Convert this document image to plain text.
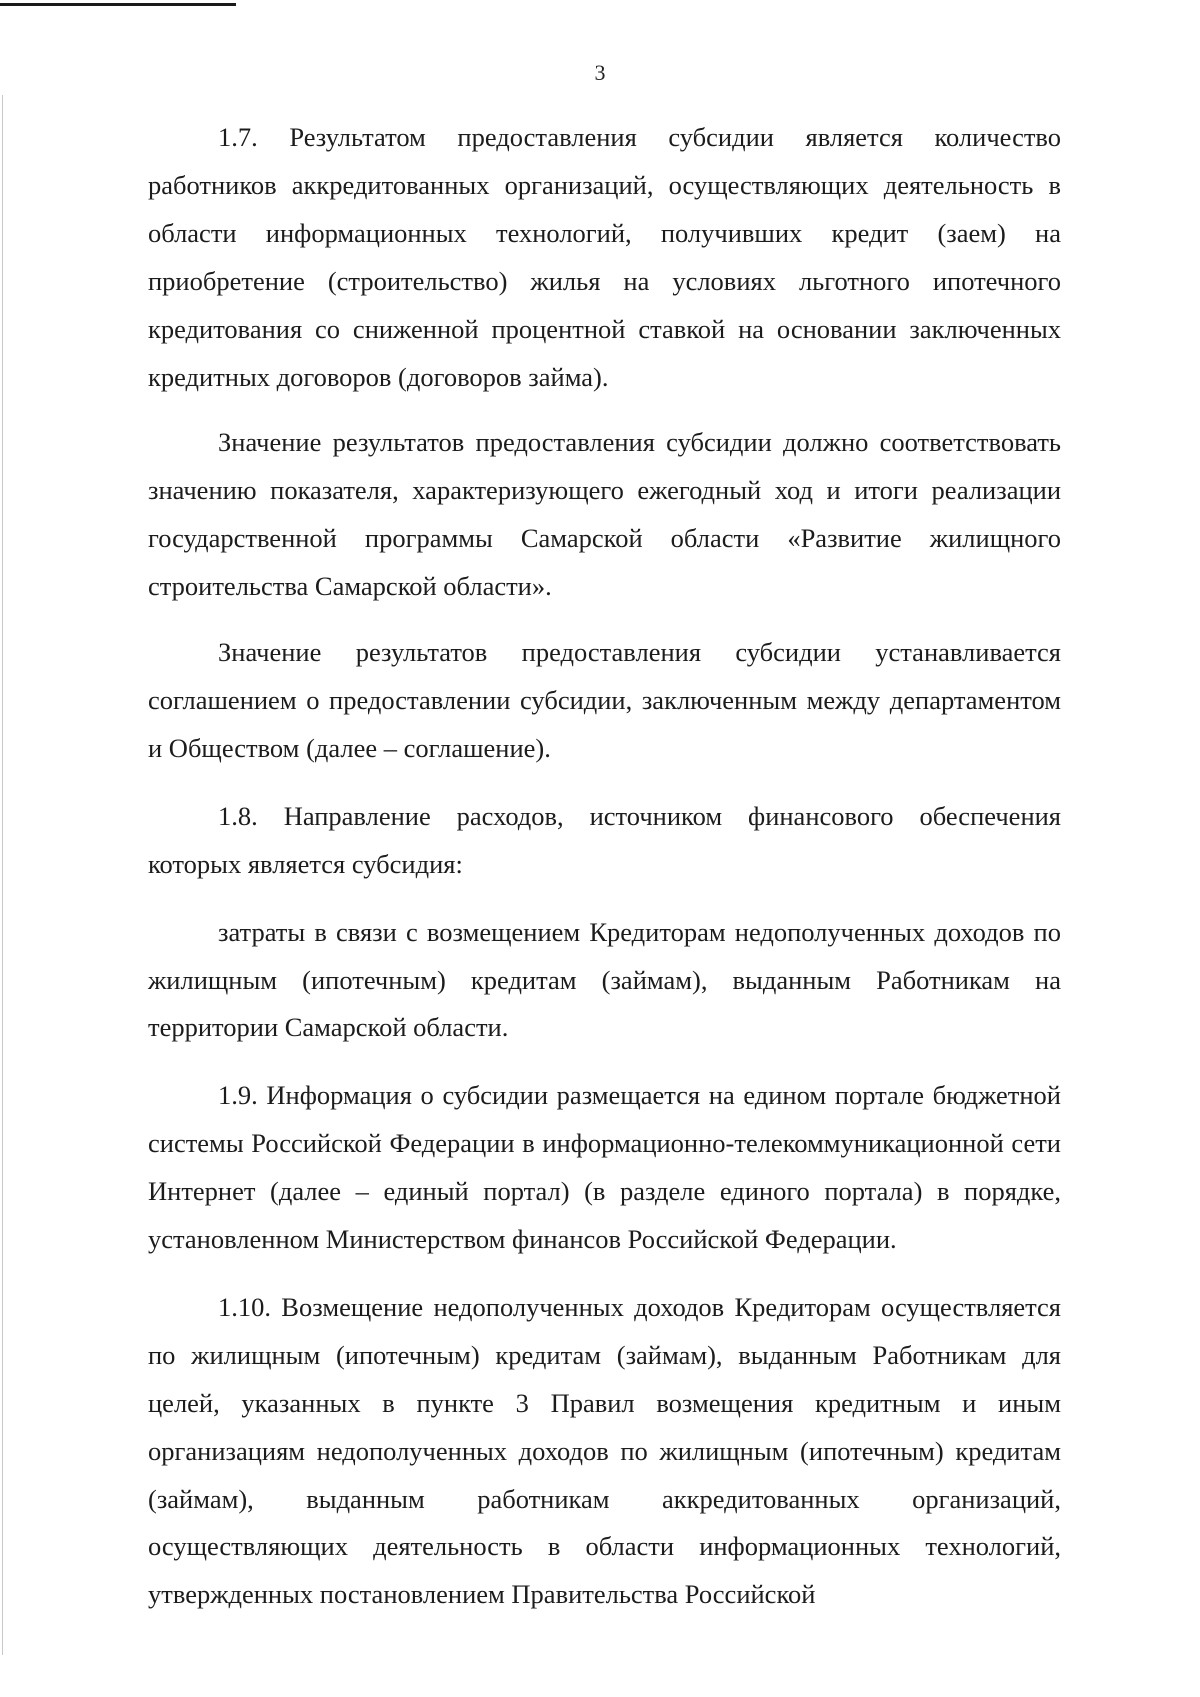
3

1.7. Результатом предоставления субсидии является количество работников аккредитованных организаций, осуществляющих деятельность в области информационных технологий, получивших кредит (заем) на приобретение (строительство) жилья на условиях льготного ипотечного кредитования со сниженной процентной ставкой на основании заключенных кредитных договоров (договоров займа).

Значение результатов предоставления субсидии должно соответствовать значению показателя, характеризующего ежегодный ход и итоги реализации государственной программы Самарской области «Развитие жилищного строительства Самарской области».

Значение результатов предоставления субсидии устанавливается соглашением о предоставлении субсидии, заключенным между департаментом и Обществом (далее – соглашение).

1.8. Направление расходов, источником финансового обеспечения которых является субсидия:

затраты в связи с возмещением Кредиторам недополученных доходов по жилищным (ипотечным) кредитам (займам), выданным Работникам на территории Самарской области.

1.9. Информация о субсидии размещается на едином портале бюджетной системы Российской Федерации в информационно-телекоммуникационной сети Интернет (далее – единый портал) (в разделе единого портала) в порядке, установленном Министерством финансов Российской Федерации.

1.10. Возмещение недополученных доходов Кредиторам осуществляется по жилищным (ипотечным) кредитам (займам), выданным Работникам для целей, указанных в пункте 3 Правил возмещения кредитным и иным организациям недополученных доходов по жилищным (ипотечным) кредитам (займам), выданным работникам аккредитованных организаций, осуществляющих деятельность в области информационных технологий, утвержденных постановлением Правительства Российской
